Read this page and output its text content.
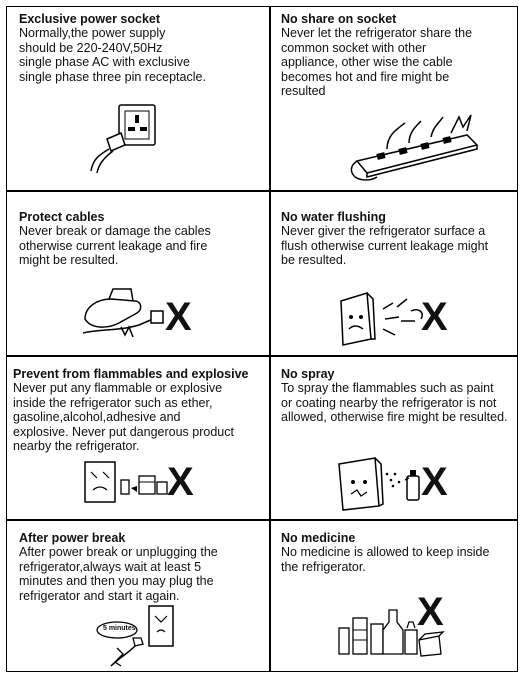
Exclusive power socket

Normally,the power supply
should be 220-240V,50Hz
single phase AC with exclusive
single phase three pin receptacle.

No share on socket

Never let the refrigerator share the
common socket with other
appliance, other wise the cable
becomes hot and fire might be
resulted

Protect cables

Never break or damage the cables
otherwise current leakage and fire
might be resulted.

X

No water flushing

Never giver the refrigerator surface a
flush otherwise current leakage might
be resulted.

X

Prevent from flammables and explosive

Never put any flammable or explosive
inside the refrigerator such as ether,
gasoline,alcohol,adhesive and
explosive. Never put dangerous product
nearby the refrigerator.

X

No spray

To spray the flammables such as paint
or coating nearby the refrigerator is not
allowed, otherwise fire might be resulted.

X

After power break

After power break or unplugging the
refrigerator,always wait at least 5
minutes and then you may plug the
refrigerator and start it again.

5 minutes

No medicine

No medicine is allowed to keep inside
the refrigerator.

X
